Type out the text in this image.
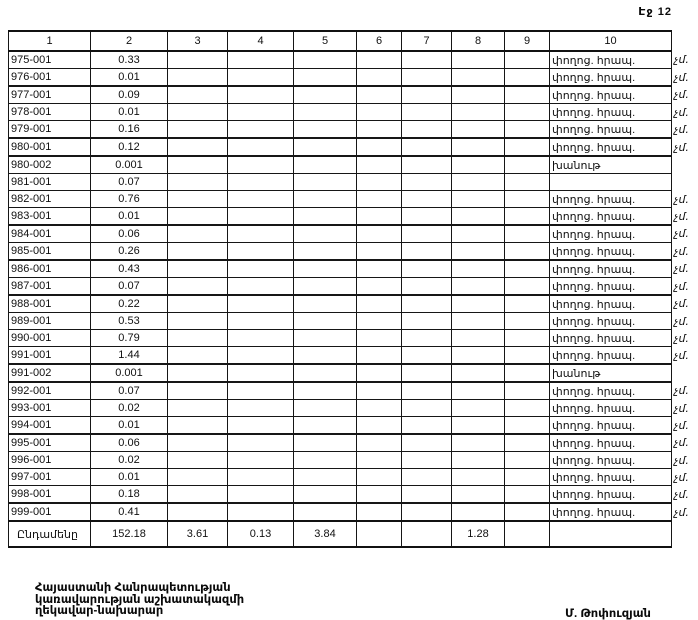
Էջ 12
1	2	3	4	5	6	7	8	9	10	
975-001	0.33								փողոց. հրապ.	չմ.
976-001	0.01								փողոց. հրապ.	չմ.
977-001	0.09								փողոց. հրապ.	չմ.
978-001	0.01								փողոց. հրապ.	չմ.
979-001	0.16								փողոց. հրապ.	չմ.
980-001	0.12								փողոց. հրապ.	չմ.
980-002	0.001								խանութ	
981-001	0.07									
982-001	0.76								փողոց. հրապ.	չմ.
983-001	0.01								փողոց. հրապ.	չմ.
984-001	0.06								փողոց. հրապ.	չմ.
985-001	0.26								փողոց. հրապ.	չմ.
986-001	0.43								փողոց. հրապ.	չմ.
987-001	0.07								փողոց. հրապ.	չմ.
988-001	0.22								փողոց. հրապ.	չմ.
989-001	0.53								փողոց. հրապ.	չմ.
990-001	0.79								փողոց. հրապ.	չմ.
991-001	1.44								փողոց. հրապ.	չմ.
991-002	0.001								խանութ	
992-001	0.07								փողոց. հրապ.	չմ.
993-001	0.02								փողոց. հրապ.	չմ.
994-001	0.01								փողոց. հրապ.	չմ.
995-001	0.06								փողոց. հրապ.	չմ.
996-001	0.02								փողոց. հրապ.	չմ.
997-001	0.01								փողոց. հրապ.	չմ.
998-001	0.18								փողոց. հրապ.	չմ.
999-001	0.41								փողոց. հրապ.	չմ.
Ընդամենը	152.18	3.61	0.13	3.84			1.28			
Հայաստանի Հանրապետության
կառավարության աշխատակազմի
ղեկավար-նախարար	Մ. Թոփուզյան
